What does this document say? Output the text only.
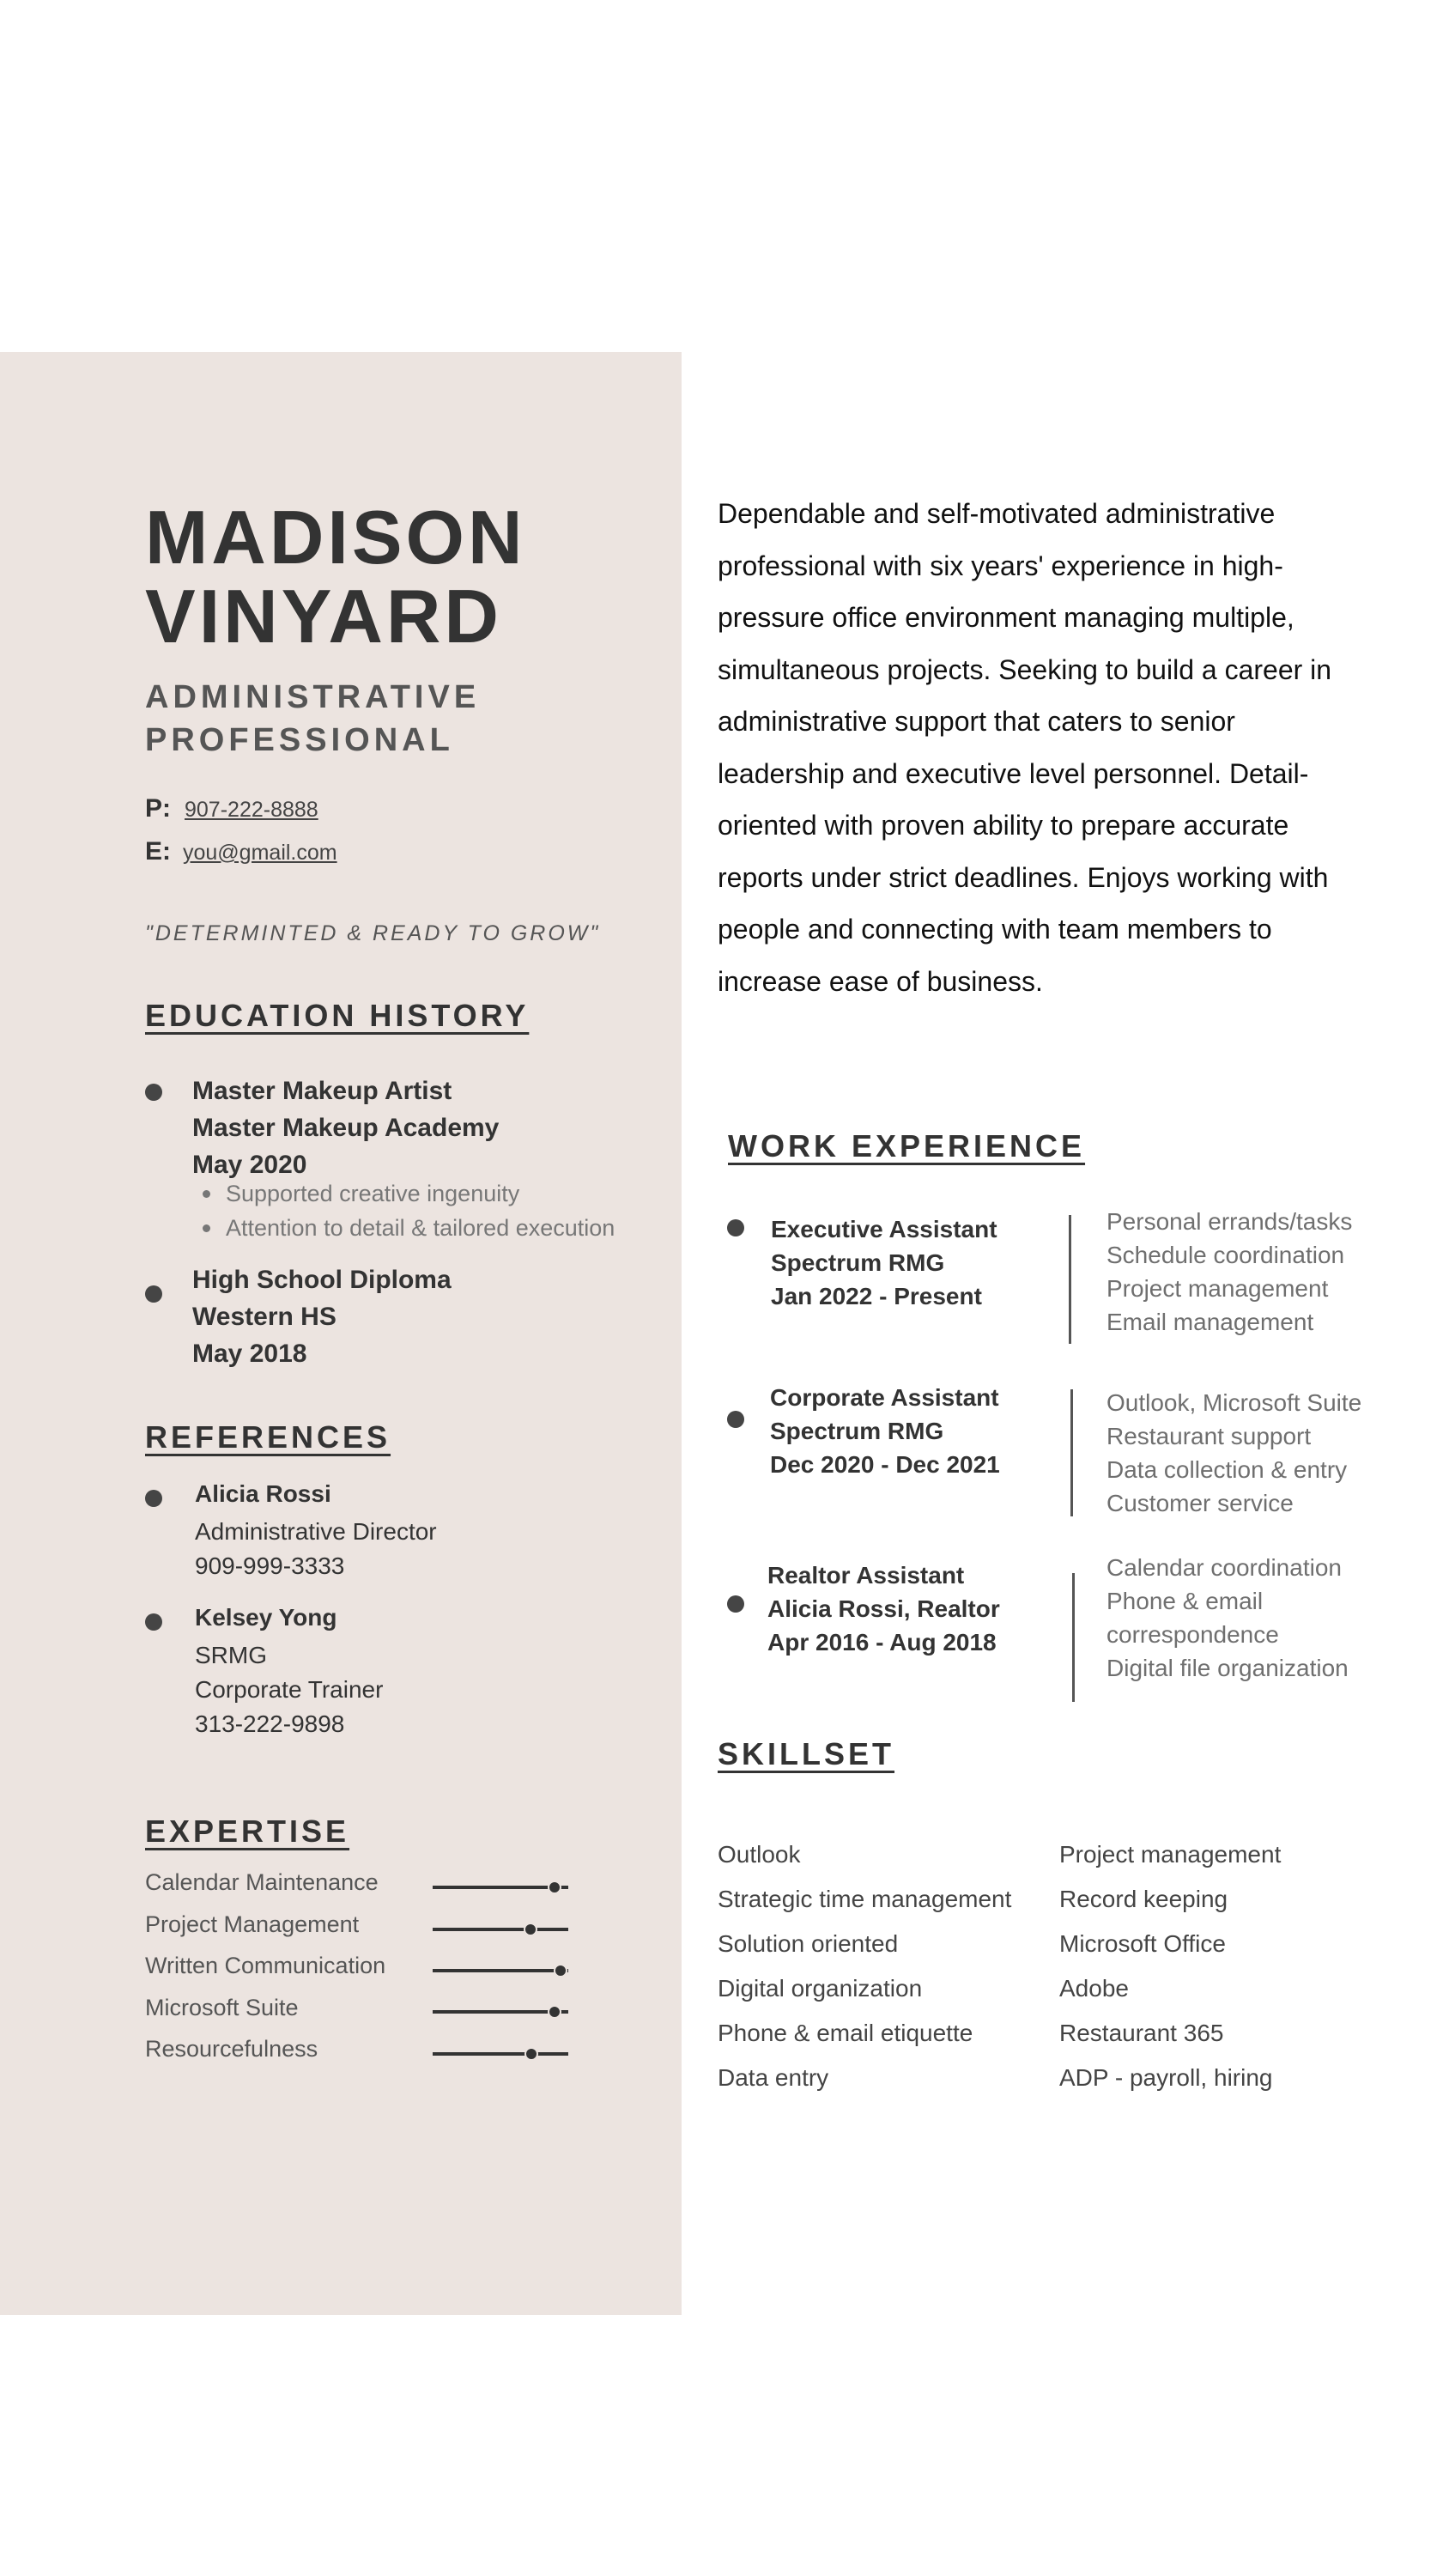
MADISON
VINYARD
ADMINISTRATIVE
PROFESSIONAL
P: 907-222-8888
E: you@gmail.com
"DETERMINTED & READY TO GROW"
EDUCATION HISTORY
Master Makeup Artist
Master Makeup Academy
May 2020
Supported creative ingenuity
Attention to detail & tailored execution
High School Diploma
Western HS
May 2018
REFERENCES
Alicia Rossi
Administrative Director
909-999-3333
Kelsey Yong
SRMG
Corporate Trainer
313-222-9898
EXPERTISE
Calendar Maintenance
Project Management
Written Communication
Microsoft Suite
Resourcefulness
Dependable and self-motivated administrative professional with six years' experience in high-pressure office environment managing multiple, simultaneous projects. Seeking to build a career in administrative support that caters to senior leadership and executive level personnel. Detail-oriented with proven ability to prepare accurate reports under strict deadlines. Enjoys working with people and connecting with team members to increase ease of business.
WORK EXPERIENCE
Executive Assistant
Spectrum RMG
Jan 2022 - Present
Personal errands/tasks
Schedule coordination
Project management
Email management
Corporate Assistant
Spectrum RMG
Dec 2020 - Dec 2021
Outlook, Microsoft Suite
Restaurant support
Data collection & entry
Customer service
Realtor Assistant
Alicia Rossi, Realtor
Apr 2016 - Aug 2018
Calendar coordination
Phone & email
correspondence
Digital file organization
SKILLSET
Outlook
Strategic time management
Solution oriented
Digital organization
Phone & email etiquette
Data entry
Project management
Record keeping
Microsoft Office
Adobe
Restaurant 365
ADP - payroll, hiring
